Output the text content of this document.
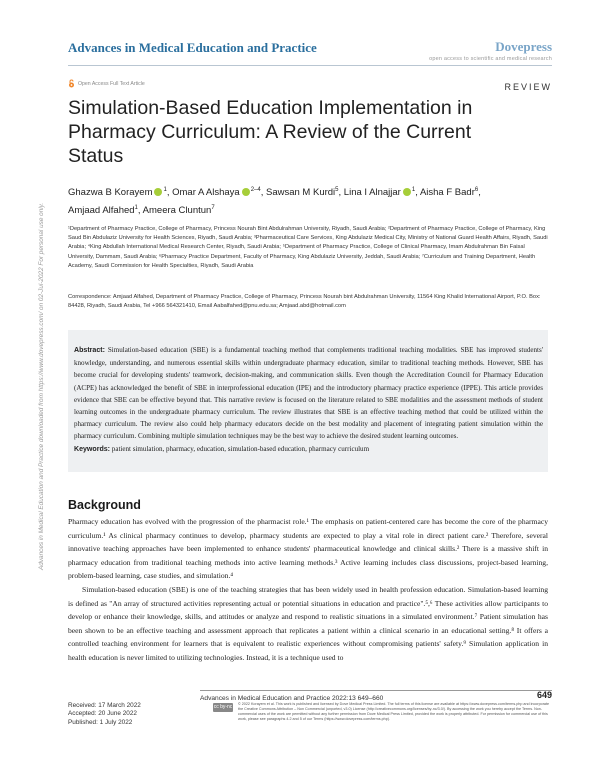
Advances in Medical Education and Practice	Dovepress
open access to scientific and medical research
Open Access Full Text Article	REVIEW
Simulation-Based Education Implementation in Pharmacy Curriculum: A Review of the Current Status
Ghazwa B Korayem $^1$, Omar A Alshaya $^{2-4}$, Sawsan M Kurdi$^5$, Lina I Alnajjar $^1$, Aisha F Badr$^6$,
Amjaad Alfahed$^1$, Ameera Cluntun$^7$
¹Department of Pharmacy Practice, College of Pharmacy, Princess Nourah Bint Abdulrahman University, Riyadh, Saudi Arabia; ²Department of Pharmacy Practice, College of Pharmacy, King Saud Bin Abdulaziz University for Health Sciences, Riyadh, Saudi Arabia; ³Pharmaceutical Care Services, King Abdulaziz Medical City, Ministry of National Guard Health Affairs, Riyadh, Saudi Arabia; ⁴King Abdullah International Medical Research Center, Riyadh, Saudi Arabia; ⁵Department of Pharmacy Practice, College of Clinical Pharmacy, Imam Abdulrahman Bin Faisal University, Dammam, Saudi Arabia; ⁶Pharmacy Practice Department, Faculty of Pharmacy, King Abdulaziz University, Jeddah, Saudi Arabia; ⁷Curriculum and Training Department, Health Academy, Saudi Commission for Health Specialties, Riyadh, Saudi Arabia
Correspondence: Amjaad Alfahed, Department of Pharmacy Practice, College of Pharmacy, Princess Nourah bint Abdulrahman University, 11564 King Khalid International Airport, P.O. Box: 84428, Riyadh, Saudi Arabia, Tel +966 564321410, Email Aabalfahed@pnu.edu.sa; Amjaad.abd@hotmail.com
Abstract: Simulation-based education (SBE) is a fundamental teaching method that complements traditional teaching modalities. SBE has improved students' knowledge, understanding, and numerous essential skills within undergraduate pharmacy education, similar to traditional teaching methods. However, SBE has become crucial for developing students' teamwork, decision-making, and communication skills. Even though the Accreditation Council for Pharmacy Education (ACPE) has acknowledged the benefit of SBE in interprofessional education (IPE) and the introductory pharmacy practice experience (IPPE). This article provides evidence that SBE can be effective beyond that. This narrative review is focused on the literature related to SBE modalities and the assessment methods of student learning outcomes in the undergraduate pharmacy curriculum. The review illustrates that SBE is an effective teaching method that could be utilized within the pharmacy curriculum. The review also could help pharmacy educators decide on the best modality and placement of integrating patient simulation within the pharmacy curriculum. Combining multiple simulation techniques may be the best way to achieve the desired student learning outcomes.
Keywords: patient simulation, pharmacy, education, simulation-based education, pharmacy curriculum
Background

Pharmacy education has evolved with the progression of the pharmacist role.¹ The emphasis on patient-centered care has become the core of the pharmacy curriculum.¹ As clinical pharmacy continues to develop, pharmacy students are expected to play a vital role in direct patient care.² Therefore, several innovative teaching approaches have been implemented to enhance students' pharmaceutical knowledge and clinical skills.² There is a massive shift in pharmacy education from traditional teaching methods into active learning methods.³ Active learning includes class discussions, project-based learning, problem-based learning, case studies, and simulation.⁴

Simulation-based education (SBE) is one of the teaching strategies that has been widely used in health profession education. Simulation-based learning is defined as "An array of structured activities representing actual or potential situations in education and practice".⁵,⁶ These activities allow participants to develop or enhance their knowledge, skills, and attitudes or analyze and respond to realistic situations in a simulated environment.⁷ Patient simulation has been shown to be an effective teaching and assessment approach that replicates a patient within a clinical scenario in an educational setting.⁸ It offers a controlled teaching environment for learners that is equivalent to realistic experiences without compromising patients' safety.⁹ Simulation application in health education is never limited to utilizing technologies. Instead, it is a technique used to

Advances in Medical Education and Practice downloaded from https://www.dovepress.com/ on 02-Jul-2022 For personal use only.
Advances in Medical Education and Practice 2022:13 649–660	649
Received: 17 March 2022
Accepted: 20 June 2022
Published: 1 July 2022
cc by-nc © 2022 Korayem et al. This work is published and licensed by Dove Medical Press Limited. The full terms of this license are available at https://www.dovepress.com/terms.php and incorporate the Creative Commons Attribution – Non Commercial (unported, v3.0) License (http://creativecommons.org/licenses/by-nc/3.0/). By accessing the work you hereby accept the Terms. Non-commercial uses of the work are permitted without any further permission from Dove Medical Press Limited, provided the work is properly attributed. For permission for commercial use of this work, please see paragraphs 4.2 and 5 of our Terms (https://www.dovepress.com/terms.php).
